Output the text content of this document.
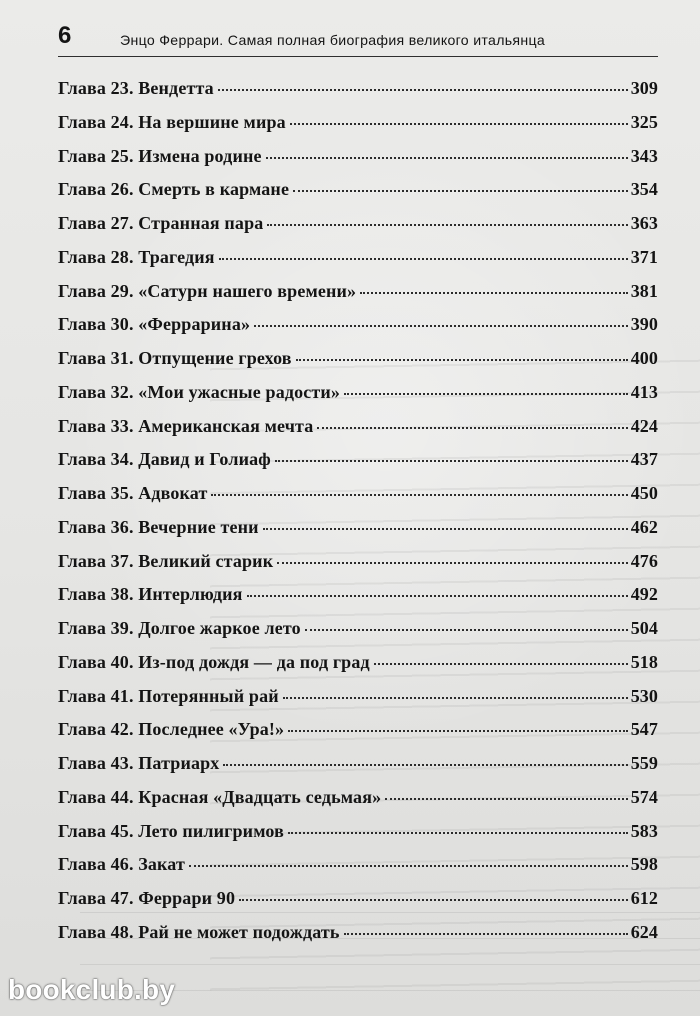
6	Энцо Феррари. Самая полная биография великого итальянца
Глава 23. Вендетта	309
Глава 24. На вершине мира	325
Глава 25. Измена родине	343
Глава 26. Смерть в кармане	354
Глава 27. Странная пара	363
Глава 28. Трагедия	371
Глава 29. «Сатурн нашего времени»	381
Глава 30. «Феррарина»	390
Глава 31. Отпущение грехов	400
Глава 32. «Мои ужасные радости»	413
Глава 33. Американская мечта	424
Глава 34. Давид и Голиаф	437
Глава 35. Адвокат	450
Глава 36. Вечерние тени	462
Глава 37. Великий старик	476
Глава 38. Интерлюдия	492
Глава 39. Долгое жаркое лето	504
Глава 40. Из-под дождя — да под град	518
Глава 41. Потерянный рай	530
Глава 42. Последнее «Ура!»	547
Глава 43. Патриарх	559
Глава 44. Красная «Двадцать седьмая»	574
Глава 45. Лето пилигримов	583
Глава 46. Закат	598
Глава 47. Феррари 90	612
Глава 48. Рай не может подождать	624
bookclub.by
